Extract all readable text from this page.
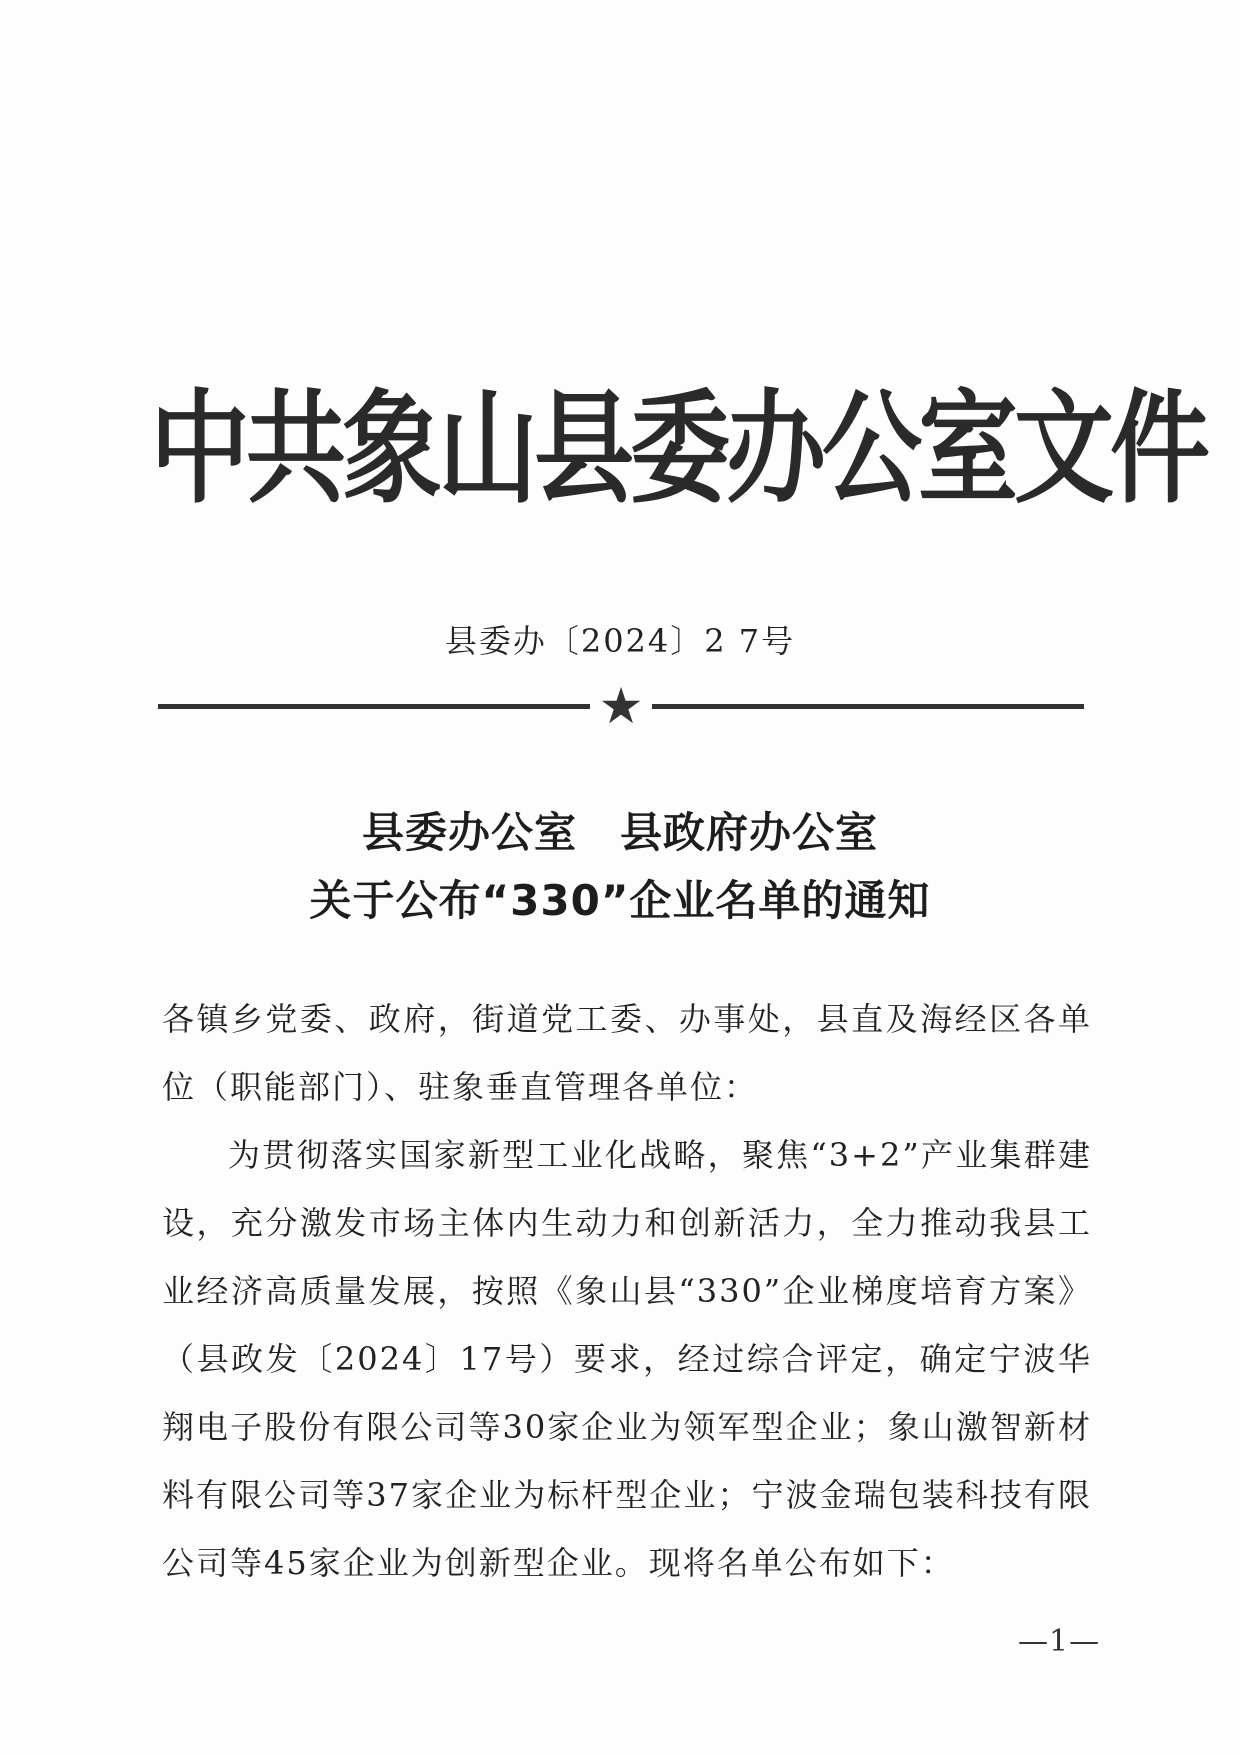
中共象山县委办公室文件
县委办〔2024〕2 7号
★
县委办公室　县政府办公室
关于公布“330”企业名单的通知

各镇乡党委、政府，街道党工委、办事处，县直及海经区各单位（职能部门）、驻象垂直管理各单位：

为贯彻落实国家新型工业化战略，聚焦“3+2”产业集群建设，充分激发市场主体内生动力和创新活力，全力推动我县工业经济高质量发展，按照《象山县“330”企业梯度培育方案》（县政发〔2024〕17号）要求，经过综合评定，确定宁波华翔电子股份有限公司等30家企业为领军型企业；象山激智新材料有限公司等37家企业为标杆型企业；宁波金瑞包装科技有限公司等45家企业为创新型企业。现将名单公布如下：

—1—
